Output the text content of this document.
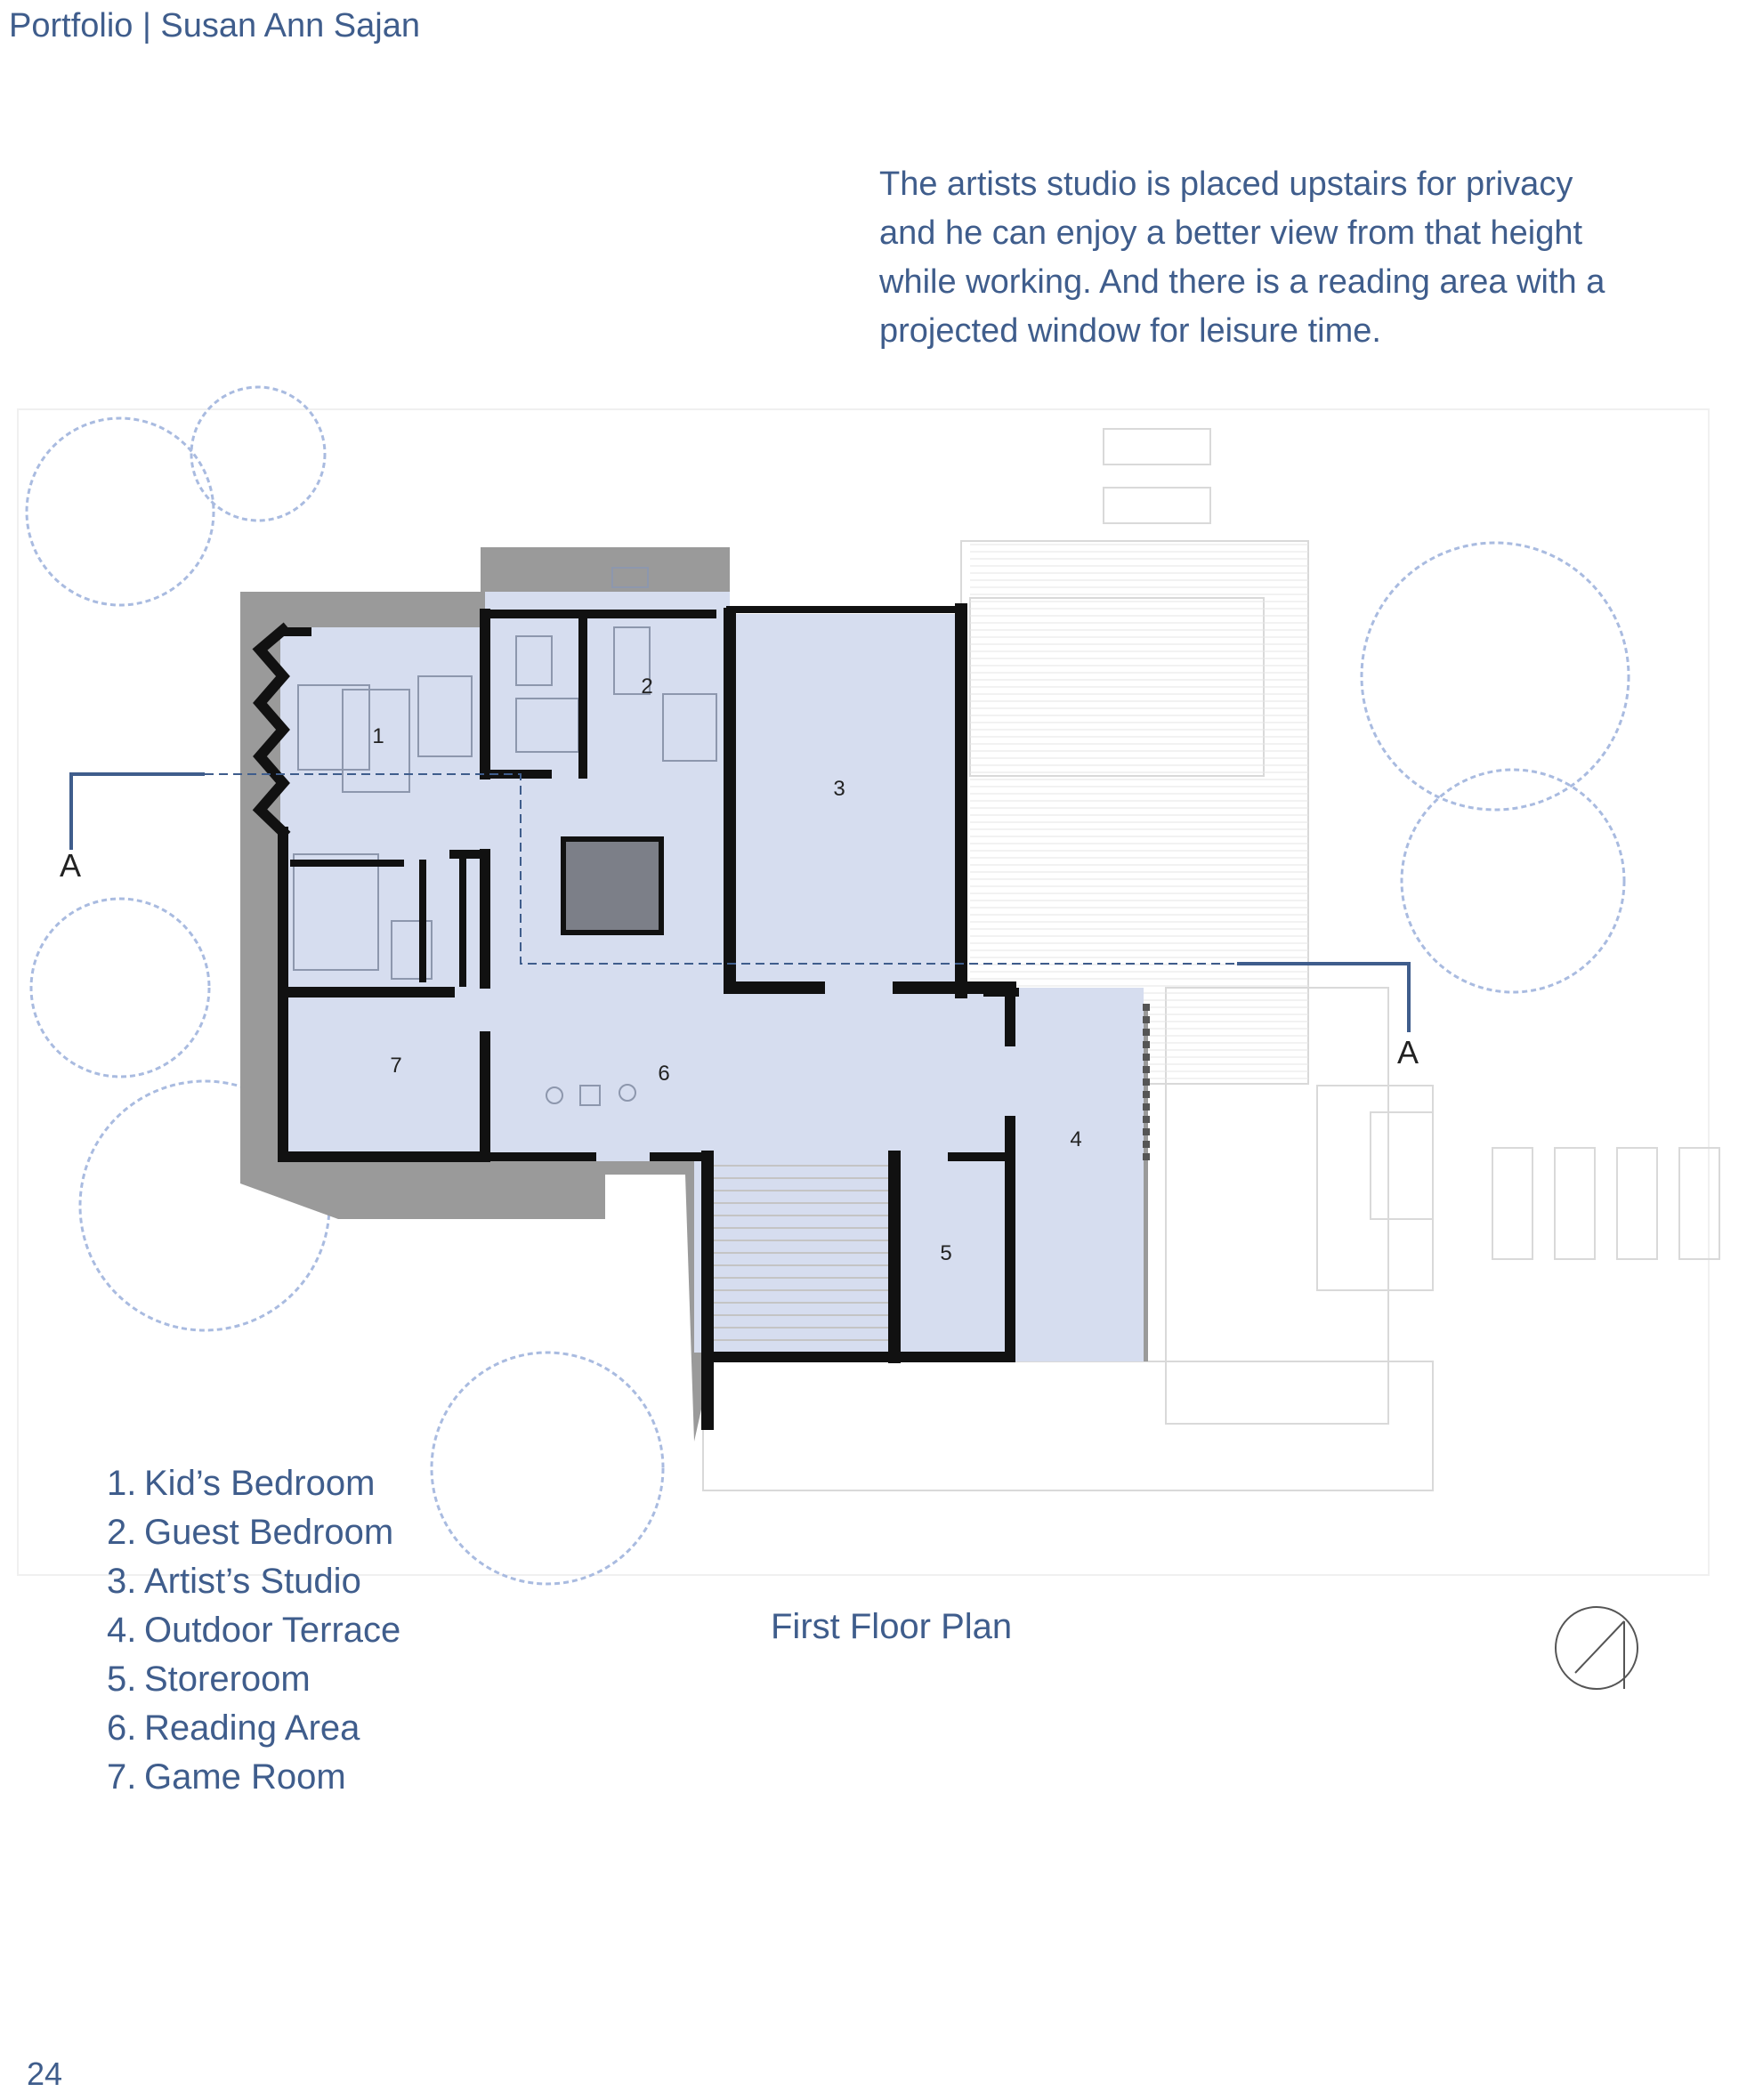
Portfolio | Susan Ann Sajan
The artists studio is placed upstairs for privacy and he can enjoy a better view from that height while working. And there is a reading area with a projected window for leisure time.
A
A
1
2
3
4
5
6
7
1. Kid’s Bedroom
2. Guest Bedroom
3. Artist’s Studio
4. Outdoor Terrace
5. Storeroom
6. Reading Area
7. Game Room
First Floor Plan
24
